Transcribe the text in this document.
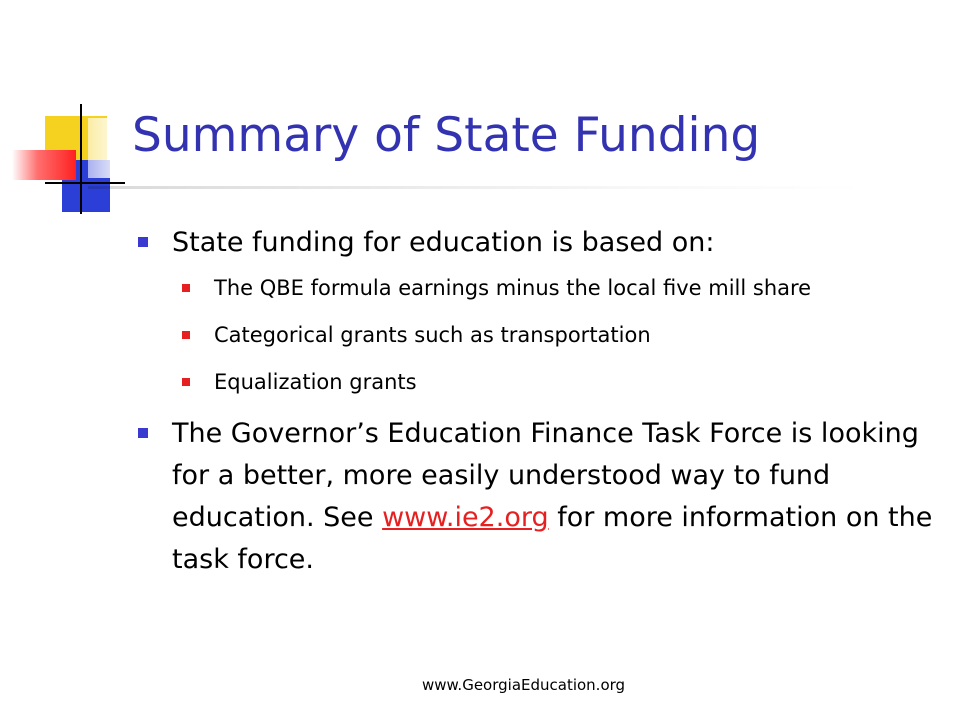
Summary of State Funding
State funding for education is based on:
The QBE formula earnings minus the local five mill share
Categorical grants such as transportation
Equalization grants
The Governor’s Education Finance Task Force is looking for a better, more easily understood way to fund education. See www.ie2.org for more information on the task force.
www.GeorgiaEducation.org
